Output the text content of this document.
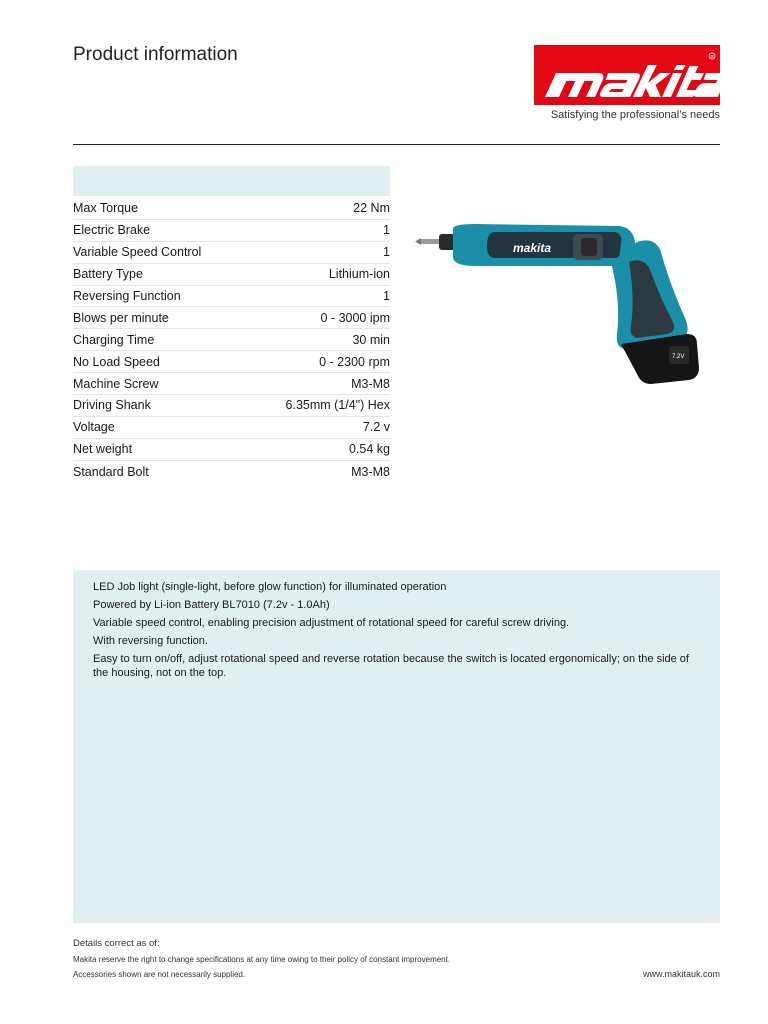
Product information	R
Satisfying the professional’s needs
Max Torque	22 Nm
Electric Brake	1
Variable Speed Control	1
Battery Type	Lithium-ion
Reversing Function	1
Blows per minute	0 - 3000 ipm
Charging Time	30 min
No Load Speed	0 - 2300 rpm
Machine Screw	M3-M8
Driving Shank	6.35mm (1/4") Hex
Voltage	7.2 v
Net weight	0.54 kg
Standard Bolt	M3-M8
makita
7.2V
LED Job light (single-light, before glow function) for illuminated operation
Powered by Li-ion Battery BL7010 (7.2v - 1.0Ah)
Variable speed control, enabling precision adjustment of rotational speed for careful screw driving.
With reversing function.
Easy to turn on/off, adjust rotational speed and reverse rotation because the switch is located ergonomically; on the side of the housing, not on the top.
Details correct as of:
Makita reserve the right to change specifications at any time owing to their policy of constant improvement.
Accessories shown are not necessarily supplied.	www.makitauk.com
